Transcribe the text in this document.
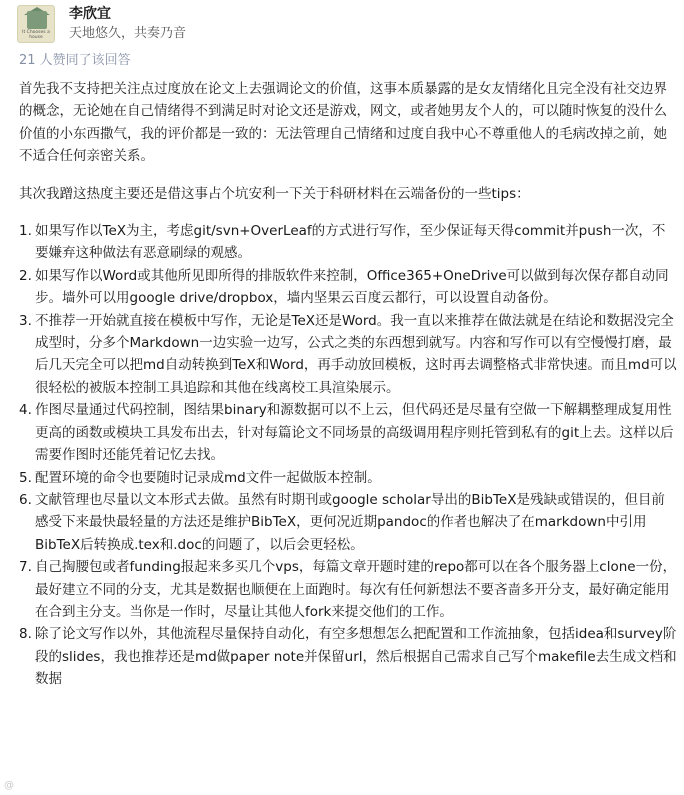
It Chooses a house
李欣宜
天地悠久，共奏乃音
21 人赞同了该回答

首先我不支持把关注点过度放在论文上去强调论文的价值，这事本质暴露的是女友情绪化且完全没有社交边界的概念，无论她在自己情绪得不到满足时对论文还是游戏，网文，或者她男友个人的，可以随时恢复的没什么价值的小东西撒气，我的评价都是一致的：无法管理自己情绪和过度自我中心不尊重他人的毛病改掉之前，她不适合任何亲密关系。

其次我蹭这热度主要还是借这事占个坑安利一下关于科研材料在云端备份的一些tips：

1. 如果写作以TeX为主，考虑git/svn+OverLeaf的方式进行写作，至少保证每天得commit并push一次，不要嫌弃这种做法有恶意刷绿的观感。
2. 如果写作以Word或其他所见即所得的排版软件来控制，Office365+OneDrive可以做到每次保存都自动同步。墙外可以用google drive/dropbox，墙内坚果云百度云都行，可以设置自动备份。
3. 不推荐一开始就直接在模板中写作，无论是TeX还是Word。我一直以来推荐在做法就是在结论和数据没完全成型时，分多个Markdown一边实验一边写，公式之类的东西想到就写。内容和写作可以有空慢慢打磨，最后几天完全可以把md自动转换到TeX和Word，再手动放回模板，这时再去调整格式非常快速。而且md可以很轻松的被版本控制工具追踪和其他在线离校工具渲染展示。
4. 作图尽量通过代码控制，图结果binary和源数据可以不上云，但代码还是尽量有空做一下解耦整理成复用性更高的函数或模块工具发布出去，针对每篇论文不同场景的高级调用程序则托管到私有的git上去。这样以后需要作图时还能凭着记忆去找。
5. 配置环境的命令也要随时记录成md文件一起做版本控制。
6. 文献管理也尽量以文本形式去做。虽然有时期刊或google scholar导出的BibTeX是残缺或错误的，但目前感受下来最快最轻量的方法还是维护BibTeX，更何况近期pandoc的作者也解决了在markdown中引用BibTeX后转换成.tex和.doc的问题了，以后会更轻松。
7. 自己掏腰包或者funding报起来多买几个vps，每篇文章开题时建的repo都可以在各个服务器上clone一份，最好建立不同的分支，尤其是数据也顺便在上面跑时。每次有任何新想法不要吝啬多开分支，最好确定能用在合到主分支。当你是一作时，尽量让其他人fork来提交他们的工作。
8. 除了论文写作以外，其他流程尽量保持自动化，有空多想想怎么把配置和工作流抽象，包括idea和survey阶段的slides，我也推荐还是md做paper note并保留url，然后根据自己需求自己写个makefile去生成文档和数据
@
